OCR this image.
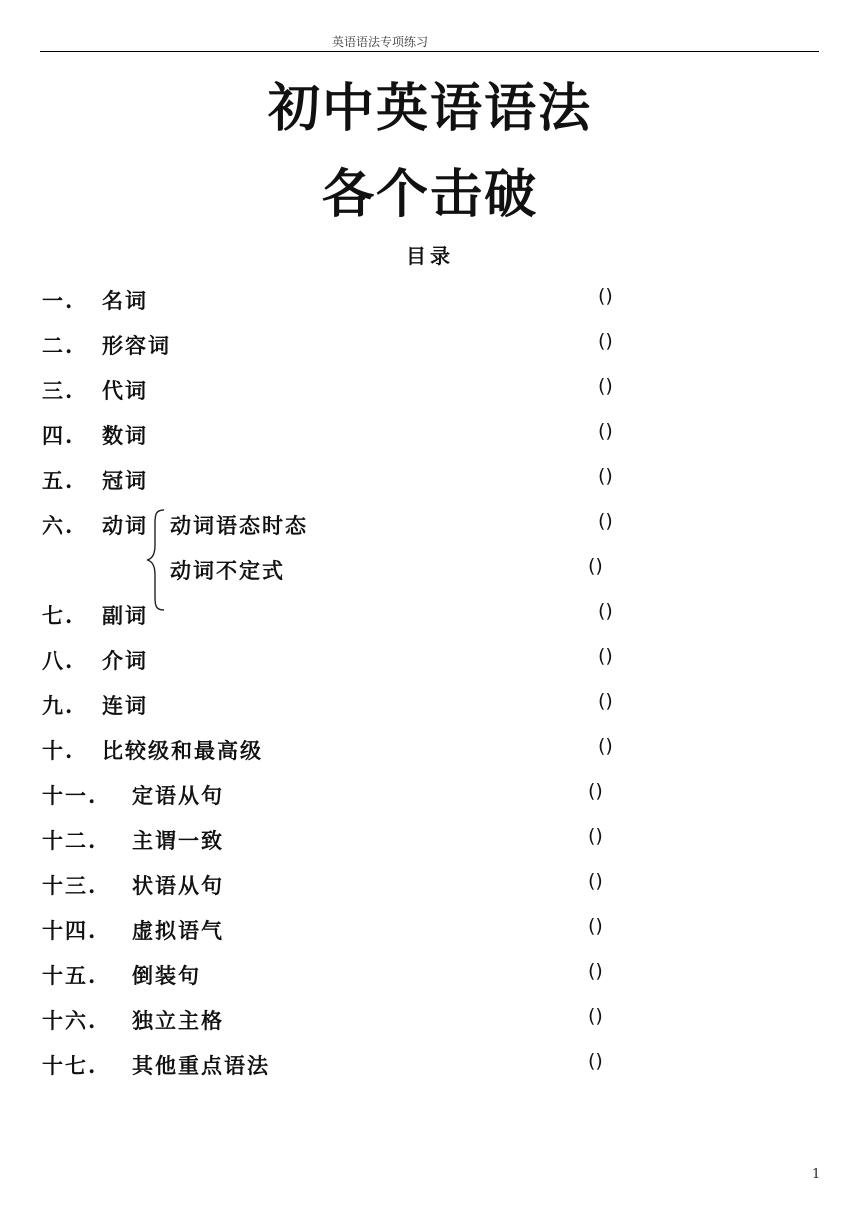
英语语法专项练习
初中英语语法
各个击破
目录
一. 名词	()
二. 形容词	()
三. 代词	()
四. 数词	()
五. 冠词	()
六. 动词 动词语态时态	()
动词不定式	()
七. 副词	()
八. 介词	()
九. 连词	()
十. 比较级和最高级	()
十一. 定语从句	()
十二. 主谓一致	()
十三. 状语从句	()
十四. 虚拟语气	()
十五. 倒装句	()
十六. 独立主格	()
十七. 其他重点语法	()
1
